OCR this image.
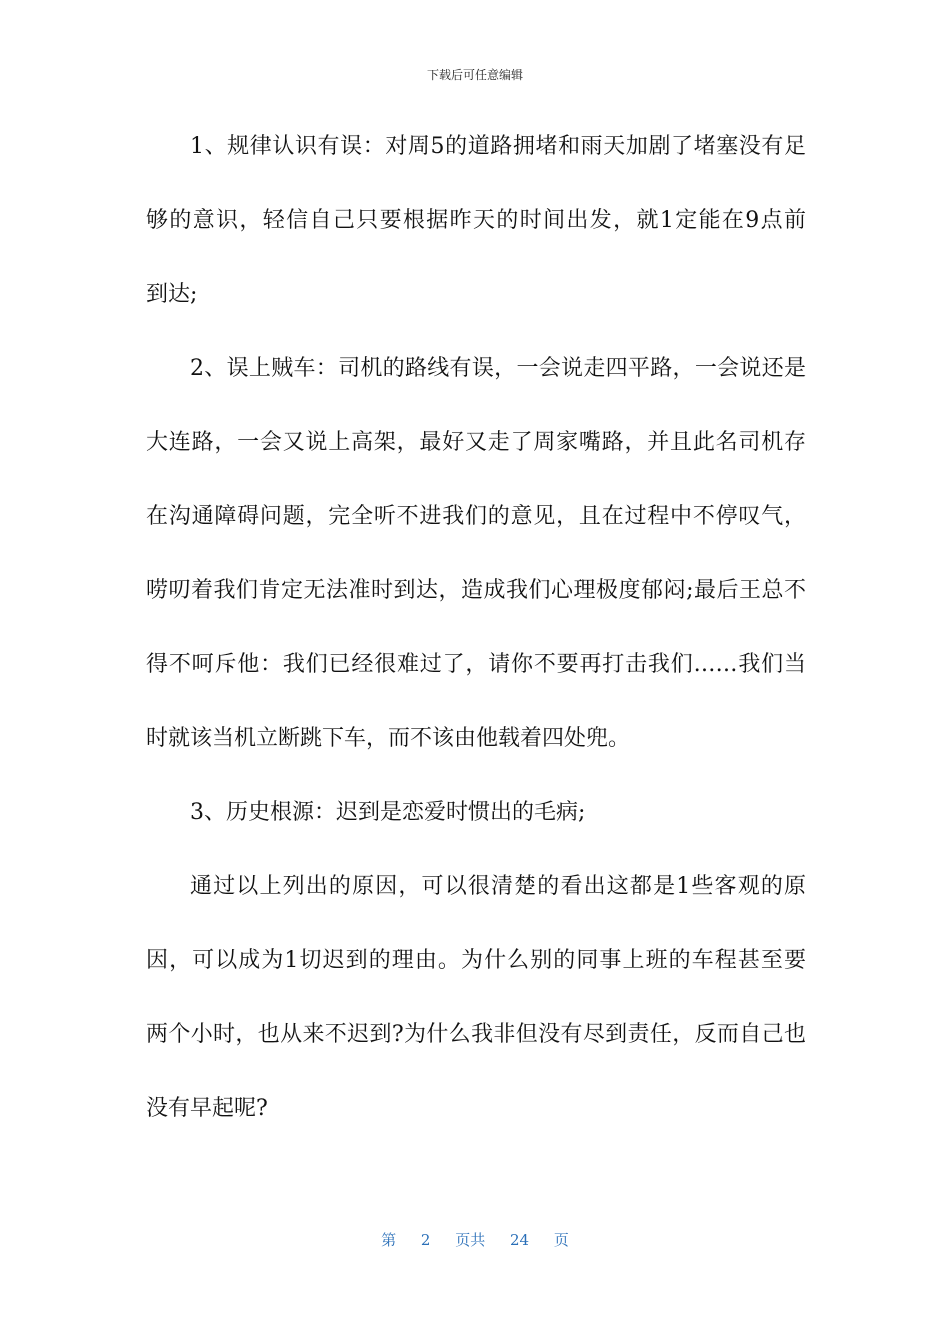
下载后可任意编辑
1、规律认识有误：对周5的道路拥堵和雨天加剧了堵塞没有足
够的意识，轻信自己只要根据昨天的时间出发，就1定能在9点前
到达;
2、误上贼车：司机的路线有误，一会说走四平路，一会说还是
大连路，一会又说上高架，最好又走了周家嘴路，并且此名司机存
在沟通障碍问题，完全听不进我们的意见，且在过程中不停叹气，
唠叨着我们肯定无法准时到达，造成我们心理极度郁闷;最后王总不
得不呵斥他：我们已经很难过了，请你不要再打击我们……我们当
时就该当机立断跳下车，而不该由他载着四处兜。
3、历史根源：迟到是恋爱时惯出的毛病;
通过以上列出的原因，可以很清楚的看出这都是1些客观的原
因，可以成为1切迟到的理由。为什么别的同事上班的车程甚至要
两个小时，也从来不迟到?为什么我非但没有尽到责任，反而自己也
没有早起呢?
第 2 页共 24 页
